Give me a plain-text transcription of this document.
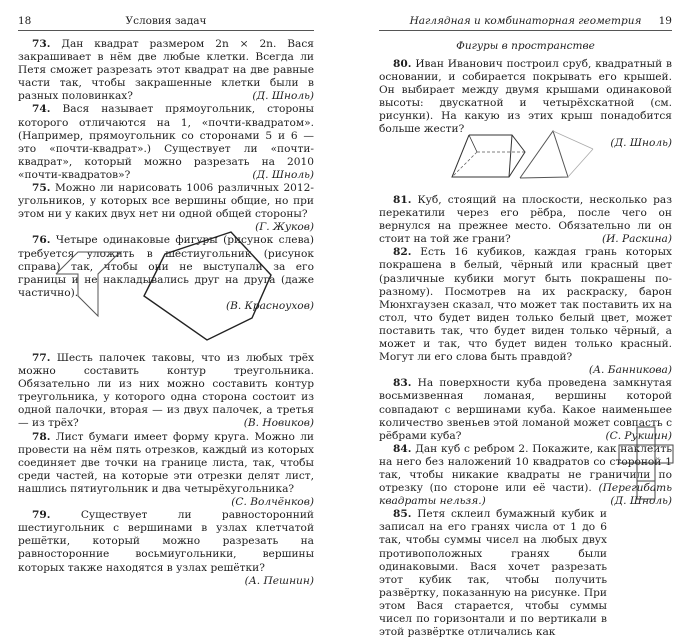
18	Условия задач

73. Дан квадрат размером 2n × 2n. Вася закрашивает в нём две любые клетки. Всегда ли Петя сможет разрезать этот квадрат на две равные части так, чтобы закрашенные клетки были в разных половинках?	(Д. Шноль)

74. Вася называет прямоугольник, стороны которого отличаются на 1, «почти-квадратом». (Например, прямоугольник со сторонами 5 и 6 — это «почти-квадрат».) Существует ли «почти-квадрат», который можно разрезать на 2010 «почти-квадратов»?	(Д. Шноль)

75. Можно ли нарисовать 1006 различных 2012-угольников, у которых все вершины общие, но при этом ни у каких двух нет ни одной общей стороны?
(Г. Жуков)

76. Четыре одинаковые фигуры (рисунок слева) требуется уложить в шестиугольник (рисунок справа) так, чтобы они не выступали за его границы и не накладывались друг на друга (даже частично).
(В. Красноухов)

77. Шесть палочек таковы, что из любых трёх можно составить контур треугольника. Обязательно ли из них можно составить контур треугольника, у которого одна сторона состоит из одной палочки, вторая — из двух палочек, а третья — из трёх?	(В. Новиков)

78. Лист бумаги имеет форму круга. Можно ли провести на нём пять отрезков, каждый из которых соединяет две точки на границе листа, так, чтобы среди частей, на которые эти отрезки делят лист, нашлись пятиугольник и два четырёхугольника?
(С. Волчёнков)

79.	Существует ли равносторонний шестиугольник с вершинами в узлах клетчатой решётки, который можно разрезать на равносторонние восьмиугольники, вершины которых также находятся в узлах решётки?
(А. Пешнин)

Наглядная и комбинаторная геометрия	19
Фигуры в пространстве

80. Иван Иванович построил сруб, квадратный в основании, и собирается покрывать его крышей. Он выбирает между двумя крышами одинаковой высоты: двускатной и четырёхскатной (см. рисунки). На какую из этих крыш понадобится больше жести?
(Д. Шноль)

81. Куб, стоящий на плоскости, несколько раз перекатили через его рёбра, после чего он вернулся на прежнее место. Обязательно ли он стоит на той же грани?	(И. Раскина)

82. Есть 16 кубиков, каждая грань которых покрашена в белый, чёрный или красный цвет (различные кубики могут быть покрашены по-разному). Посмотрев на их раскраску, барон Мюнхгаузен сказал, что может так поставить их на стол, что будет виден только белый цвет, может поставить так, что будет виден только чёрный, а может и так, что будет виден только красный. Могут ли его слова быть правдой?
(А. Банникова)

83. На поверхности куба проведена замкнутая восьмизвенная ломаная, вершины которой совпадают с вершинами куба. Какое наименьшее количество звеньев этой ломаной может совпасть с рёбрами куба?	(С. Рукшин)

84. Дан куб с ребром 2. Покажите, как наклеить на него без наложений 10 квадратов со стороной 1 так, чтобы никакие квадраты не граничили по отрезку (по стороне или её части). (Перегибать квадраты нельзя.)	(Д. Шноль)

85. Петя склеил бумажный кубик и записал на его гранях числа от 1 до 6 так, чтобы суммы чисел на любых двух противоположных гранях были одинаковыми. Вася хочет разрезать этот кубик так, чтобы получить развёртку, показанную на рисунке. При этом Вася старается, чтобы суммы чисел по горизонтали и по вертикали в этой развёртке отличались как
